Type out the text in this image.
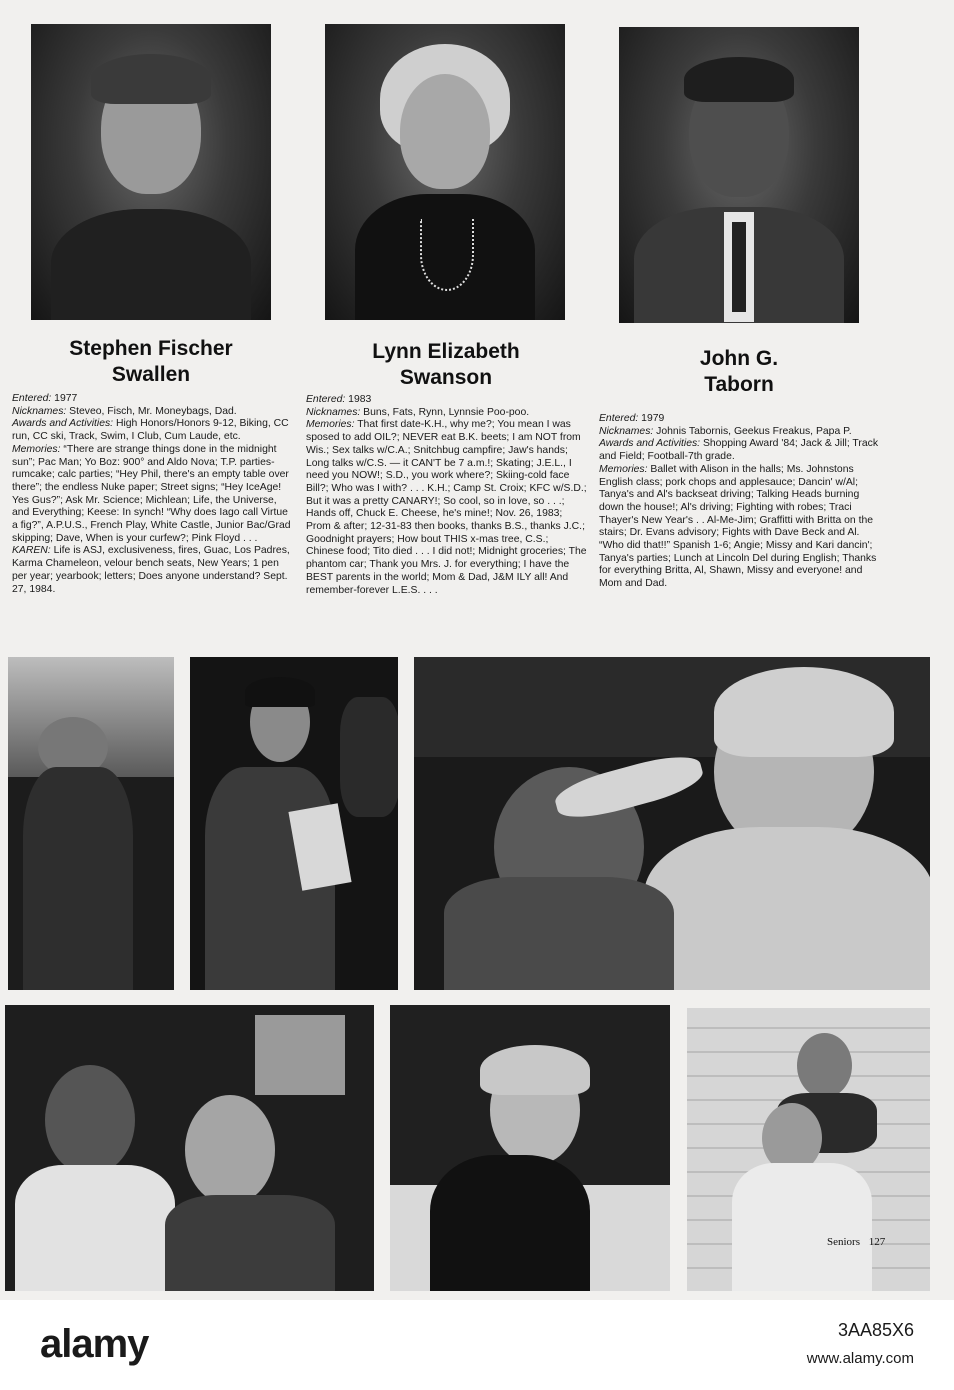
Stephen Fischer
Swallen
Lynn Elizabeth
Swanson
John G.
Taborn

Entered: 1977

Nicknames: Steveo, Fisch, Mr. Moneybags, Dad.

Awards and Activities: High Honors/Honors 9-12, Biking, CC run, CC ski, Track, Swim, I Club, Cum Laude, etc.

Memories: “There are strange things done in the midnight sun”; Pac Man; Yo Boz: 900° and Aldo Nova; T.P. parties-rumcake; calc parties; “Hey Phil, there's an empty table over there”; the endless Nuke paper; Street signs; “Hey IceAge! Yes Gus?”; Ask Mr. Science; Michlean; Life, the Universe, and Everything; Keese: In synch! “Why does Iago call Virtue a fig?”, A.P.U.S., French Play, White Castle, Junior Bac/Grad skipping; Dave, When is your curfew?; Pink Floyd . . .

KAREN: Life is ASJ, exclusiveness, fires, Guac, Los Padres, Karma Chameleon, velour bench seats, New Years; 1 pen per year; yearbook; letters; Does anyone understand? Sept. 27, 1984.

Entered: 1983

Nicknames: Buns, Fats, Rynn, Lynnsie Poo-poo.

Memories: That first date-K.H., why me?; You mean I was sposed to add OIL?; NEVER eat B.K. beets; I am NOT from Wis.; Sex talks w/C.A.; Snitchbug campfire; Jaw's hands; Long talks w/C.S. — it CAN'T be 7 a.m.!; Skating; J.E.L., I need you NOW!; S.D., you work where?; Skiing-cold face Bill?; Who was I with? . . . K.H.; Camp St. Croix; KFC w/S.D.; But it was a pretty CANARY!; So cool, so in love, so . . .; Hands off, Chuck E. Cheese, he's mine!; Nov. 26, 1983; Prom & after; 12-31-83 then books, thanks B.S., thanks J.C.; Goodnight prayers; How bout THIS x-mas tree, C.S.; Chinese food; Tito died . . . I did not!; Midnight groceries; The phantom car; Thank you Mrs. J. for everything; I have the BEST parents in the world; Mom & Dad, J&M ILY all! And remember-forever L.E.S. . . .

Entered: 1979

Nicknames: Johnis Tabornis, Geekus Freakus, Papa P.

Awards and Activities: Shopping Award '84; Jack & Jill; Track and Field; Football-7th grade.

Memories: Ballet with Alison in the halls; Ms. Johnstons English class; pork chops and applesauce; Dancin' w/Al; Tanya's and Al's backseat driving; Talking Heads burning down the house!; Al's driving; Fighting with robes; Traci Thayer's New Year's . . Al-Me-Jim; Graffitti with Britta on the stairs; Dr. Evans advisory; Fights with Dave Beck and Al. “Who did that!!” Spanish 1-6; Angie; Missy and Kari dancin'; Tanya's parties; Lunch at Lincoln Del during English; Thanks for everything Britta, Al, Shawn, Missy and everyone! and Mom and Dad.

Seniors 127
alamy	3AA85X6
www.alamy.com
